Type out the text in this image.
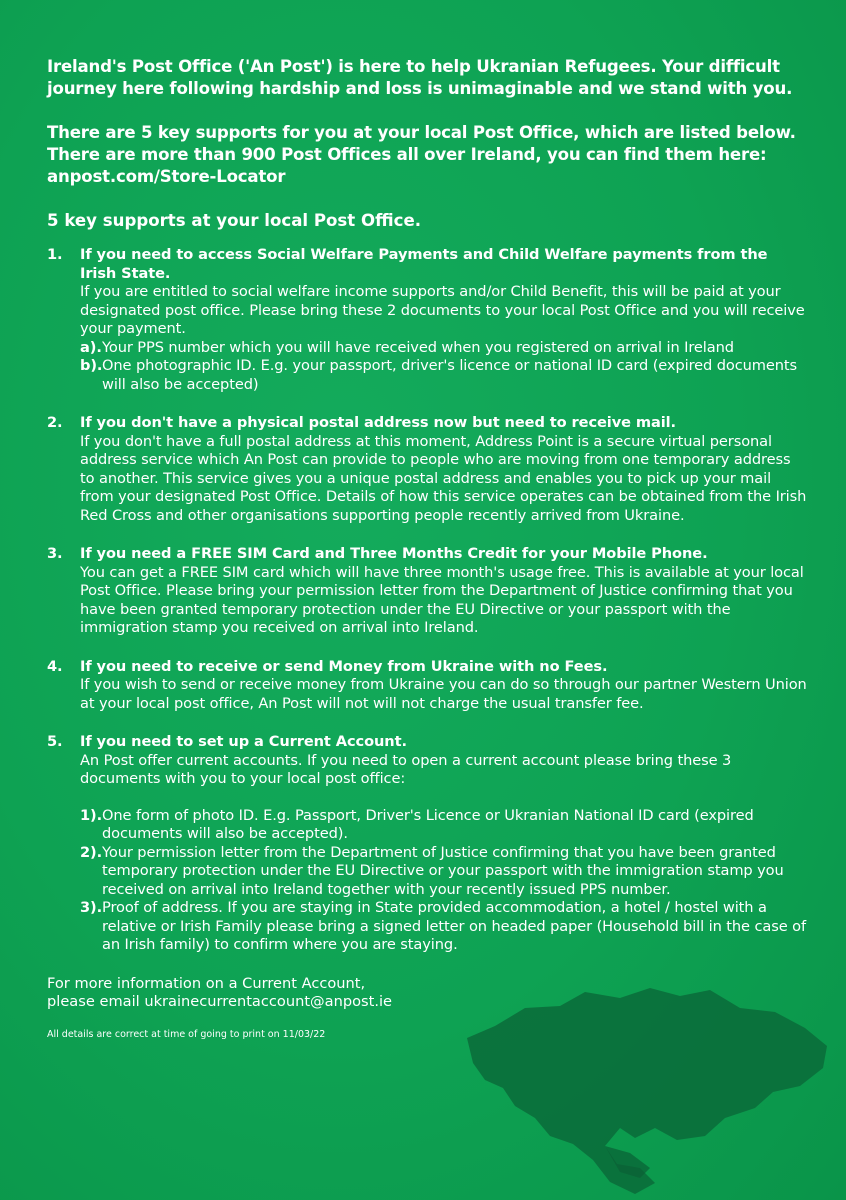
Ireland's Post Office ('An Post') is here to help Ukranian Refugees. Your difficult journey here following hardship and loss is unimaginable and we stand with you.

There are 5 key supports for you at your local Post Office, which are listed below. There are more than 900 Post Offices all over Ireland, you can find them here: anpost.com/Store-Locator

5 key supports at your local Post Office.

1. If you need to access Social Welfare Payments and Child Welfare payments from the Irish State.
If you are entitled to social welfare income supports and/or Child Benefit, this will be paid at your designated post office. Please bring these 2 documents to your local Post Office and you will receive your payment.
a). Your PPS number which you will have received when you registered on arrival in Ireland
b). One photographic ID. E.g. your passport, driver's licence or national ID card (expired documents will also be accepted)
2. If you don't have a physical postal address now but need to receive mail.
If you don't have a full postal address at this moment, Address Point is a secure virtual personal address service which An Post can provide to people who are moving from one temporary address to another. This service gives you a unique postal address and enables you to pick up your mail from your designated Post Office. Details of how this service operates can be obtained from the Irish Red Cross and other organisations supporting people recently arrived from Ukraine.
3. If you need a FREE SIM Card and Three Months Credit for your Mobile Phone.
You can get a FREE SIM card which will have three month's usage free. This is available at your local Post Office. Please bring your permission letter from the Department of Justice confirming that you have been granted temporary protection under the EU Directive or your passport with the immigration stamp you received on arrival into Ireland.
4. If you need to receive or send Money from Ukraine with no Fees.
If you wish to send or receive money from Ukraine you can do so through our partner Western Union at your local post office, An Post will not will not charge the usual transfer fee.
5. If you need to set up a Current Account.
An Post offer current accounts. If you need to open a current account please bring these 3 documents with you to your local post office:
1). One form of photo ID. E.g. Passport, Driver's Licence or Ukranian National ID card (expired documents will also be accepted).
2). Your permission letter from the Department of Justice confirming that you have been granted temporary protection under the EU Directive or your passport with the immigration stamp you received on arrival into Ireland together with your recently issued PPS number.
3). Proof of address. If you are staying in State provided accommodation, a hotel / hostel with a relative or Irish Family please bring a signed letter on headed paper (Household bill in the case of an Irish family) to confirm where you are staying.
For more information on a Current Account,
please email ukrainecurrentaccount@anpost.ie
All details are correct at time of going to print on 11/03/22
